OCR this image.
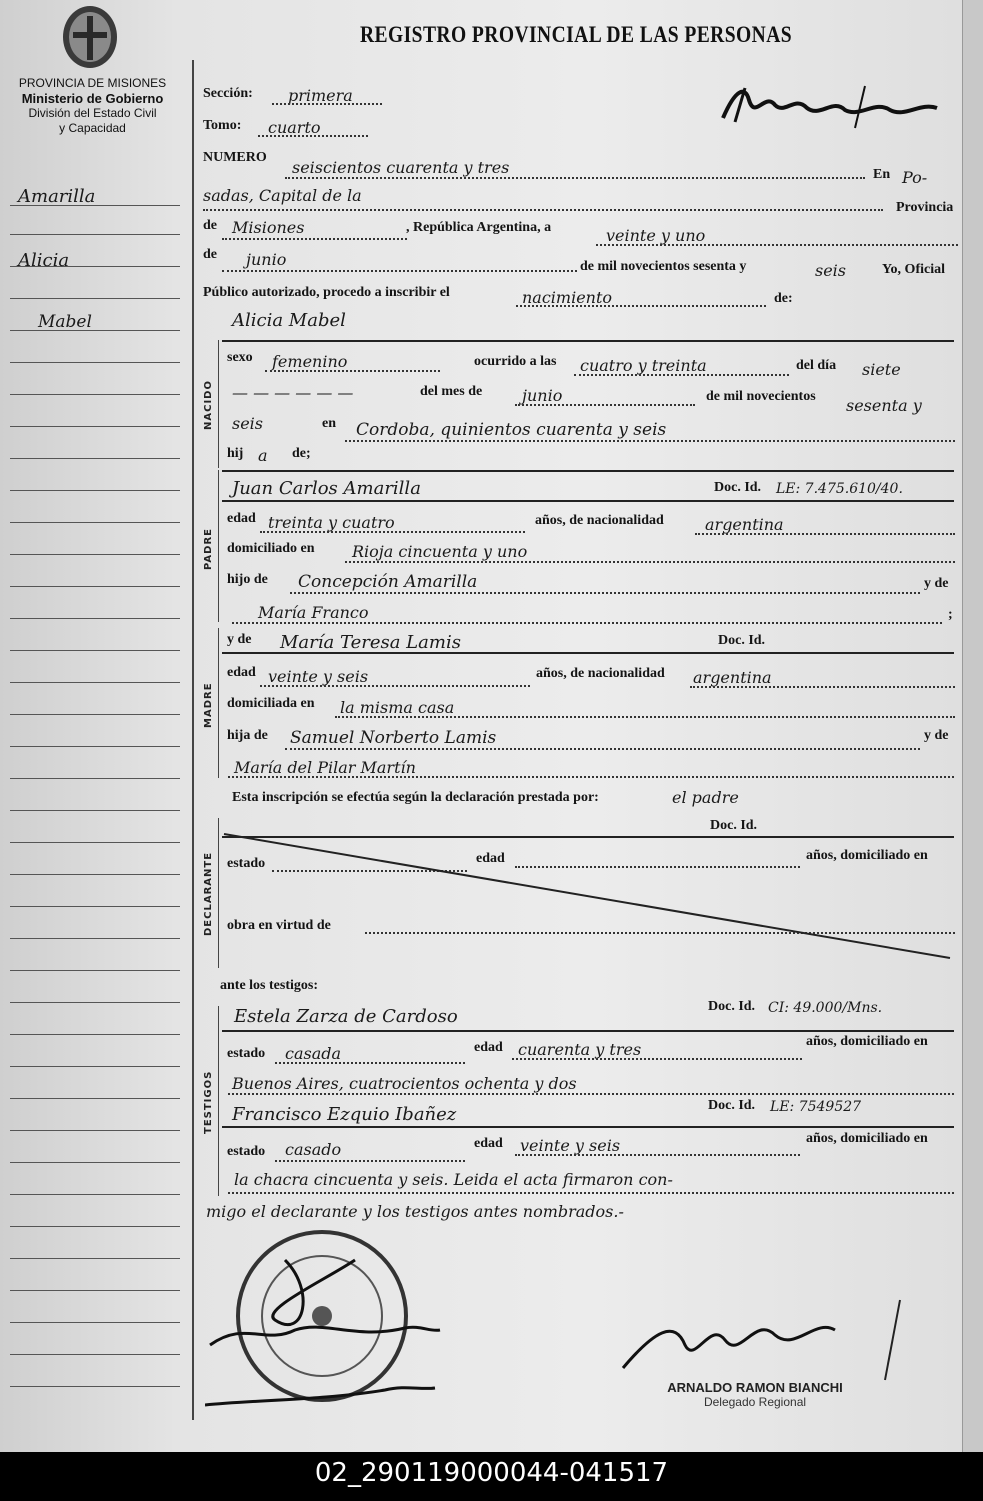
PROVINCIA DE MISIONES
Ministerio de Gobierno
División del Estado Civil
y Capacidad
Amarilla
Alicia
Mabel
REGISTRO PROVINCIAL DE LAS PERSONAS
Sección: primera
Tomo: cuarto
NUMERO
seiscientos cuarenta y tres	En Po-
sadas, Capital de la
Provincia
de Misiones	, República Argentina, a	veinte y uno
de junio	de mil novecientos sesenta y	seis	Yo, Oficial
Público autorizado, procedo a inscribir el	nacimiento	de:
NACIDO
Alicia Mabel
sexo femenino	ocurrido a las cuatro y treinta	del día siete
— — — — — —	del mes de junio	de mil novecientos sesenta y
seis	en Cordoba, quinientos cuarenta y seis
hij a de;
PADRE
Juan Carlos Amarilla	Doc. Id. LE: 7.475.610/40.
edad treinta y cuatro	años, de nacionalidad	argentina
domiciliado en Rioja cincuenta y uno
hijo de Concepción Amarilla	y de
María Franco	;
MADRE
y de María Teresa Lamis	Doc. Id.
edad veinte y seis	años, de nacionalidad argentina
domiciliada en la misma casa
hija de Samuel Norberto Lamis	y de
María del Pilar Martín
Esta inscripción se efectúa según la declaración prestada por:	el padre
DECLARANTE
Doc. Id.
estado	edad	años, domiciliado en
obra en virtud de
ante los testigos:
TESTIGOS
Estela Zarza de Cardoso	Doc. Id. CI: 49.000/Mns.
estado casada	edad cuarenta y tres	años, domiciliado en
Buenos Aires, cuatrocientos ochenta y dos
Francisco Ezquio Ibañez	Doc. Id. LE: 7549527
estado casado	edad veinte y seis	años, domiciliado en
la chacra cincuenta y seis. Leida el acta firmaron con-
migo el declarante y los testigos antes nombrados.-
ARNALDO RAMON BIANCHI
Delegado Regional
02_290119000044-041517
